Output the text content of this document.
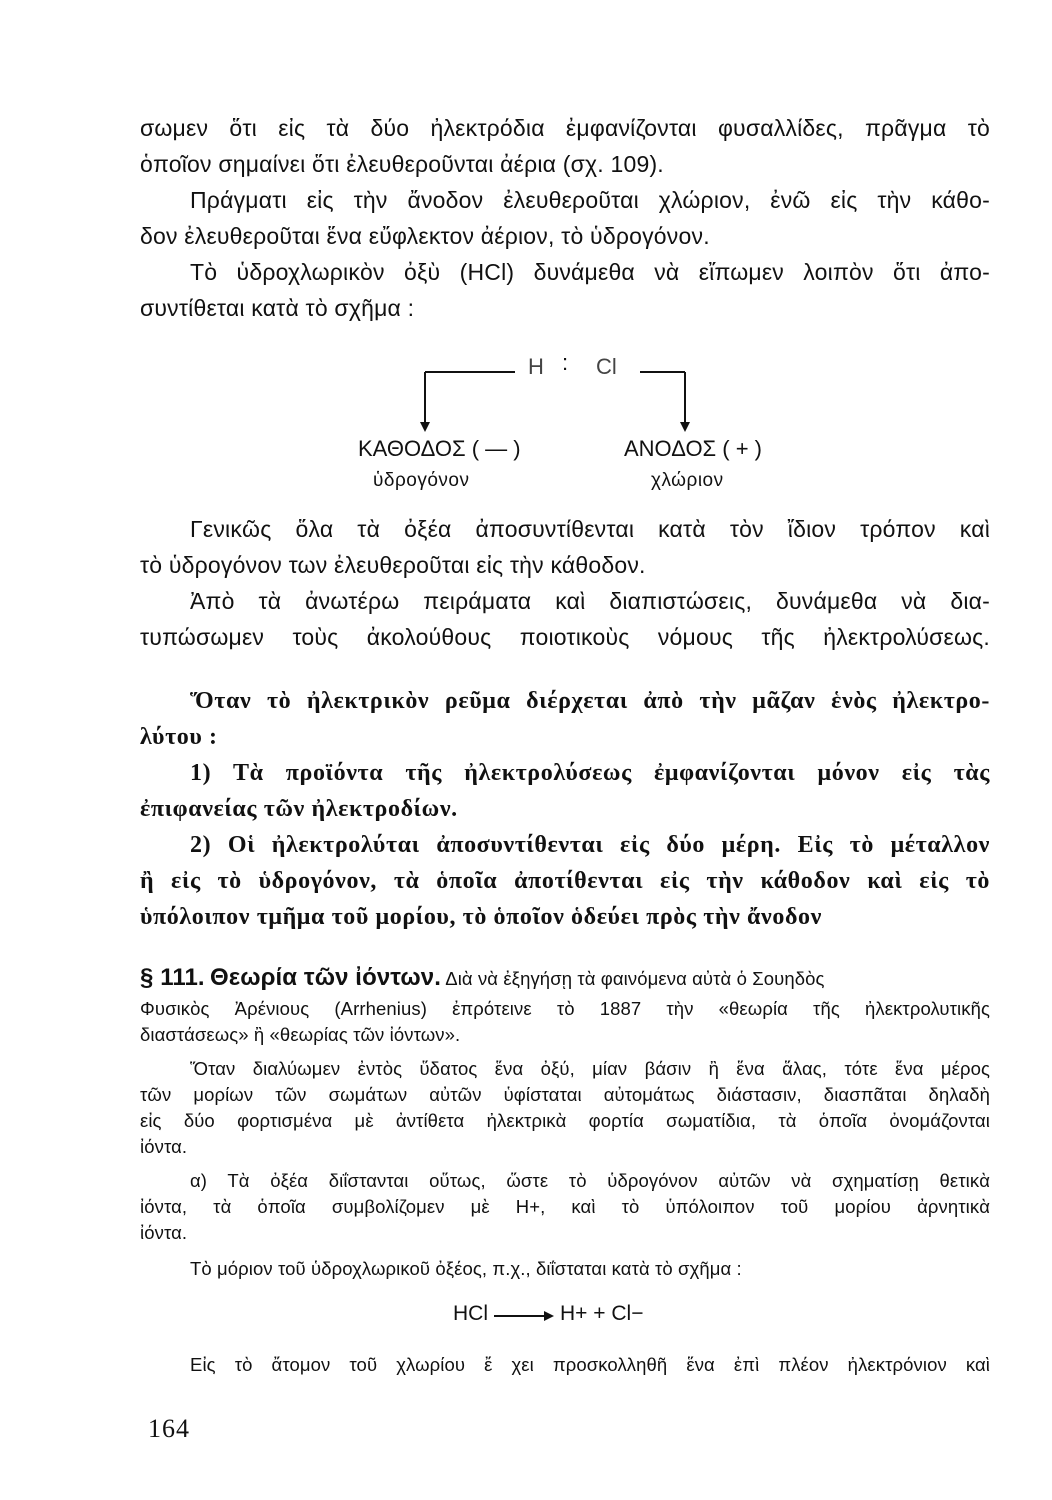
σωμεν ὅτι εἰς τὰ δύο ἠλεκτρόδια ἐμφανίζονται φυσαλλίδες, πρᾶγμα τὸ
ὁποῖον σημαίνει ὅτι ἐλευθεροῦνται ἀέρια (σχ. 109).
Πράγματι εἰς τὴν ἄνοδον ἐλευθεροῦται χλώριον, ἐνῶ εἰς τὴν κάθο-
δον ἐλευθεροῦται ἕνα εὔφλεκτον ἀέριον, τὸ ὑδρογόνον.
Τὸ ὑδροχλωρικὸν ὀξὺ (HCl) δυνάμεθα νὰ εἴπωμεν λοιπὸν ὅτι ἀπο-
συντίθεται κατὰ τὸ σχῆμα :
H : Cl
ΚΑΘΟΔΟΣ ( — )	ΑΝΟΔΟΣ ( + )
ὑδρογόνον	χλώριον
Γενικῶς ὅλα τὰ ὀξέα ἀποσυντίθενται κατὰ τὸν ἴδιον τρόπον καὶ
τὸ ὑδρογόνον των ἐλευθεροῦται εἰς τὴν κάθοδον.
Ἀπὸ τὰ ἀνωτέρω πειράματα καὶ διαπιστώσεις, δυνάμεθα νὰ δια-
τυπώσωμεν τοὺς ἀκολούθους ποιοτικοὺς νόμους τῆς ἠλεκτρολύσεως.
Ὅταν τὸ ἠλεκτρικὸν ρεῦμα διέρχεται ἀπὸ τὴν μᾶζαν ἑνὸς ἠλεκτρο-
λύτου :
1) Τὰ προϊόντα τῆς ἠλεκτρολύσεως ἐμφανίζονται μόνον εἰς τὰς
ἐπιφανείας τῶν ἠλεκτροδίων.
2) Οἱ ἠλεκτρολύται ἀποσυντίθενται εἰς δύο μέρη. Εἰς τὸ μέταλλον
ἢ εἰς τὸ ὑδρογόνον, τὰ ὁποῖα ἀποτίθενται εἰς τὴν κάθοδον καὶ εἰς τὸ
ὑπόλοιπον τμῆμα τοῦ μορίου, τὸ ὁποῖον ὁδεύει πρὸς τὴν ἄνοδον
§ 111. Θεωρία τῶν ἰόντων. Διὰ νὰ ἐξηγήσῃ τὰ φαινόμενα αὐτὰ ὁ Σουηδὸς
Φυσικὸς Ἀρένιους (Arrhenius) ἐπρότεινε τὸ 1887 τὴν «θεωρία τῆς ἠλεκτρολυτικῆς
διαστάσεως» ἢ «θεωρίας τῶν ἰόντων».
Ὅταν διαλύωμεν ἐντὸς ὕδατος ἕνα ὀξύ, μίαν βάσιν ἢ ἕνα ἅλας, τότε ἕνα μέρος
τῶν μορίων τῶν σωμάτων αὐτῶν ὑφίσταται αὐτομάτως διάστασιν, διασπᾶται δηλαδὴ
εἰς δύο φορτισμένα μὲ ἀντίθετα ἠλεκτρικὰ φορτία σωματίδια, τὰ ὁποῖα ὀνομάζονται
ἰόντα.
α) Τὰ ὀξέα διΐστανται οὕτως, ὥστε τὸ ὑδρογόνον αὐτῶν νὰ σχηματίσῃ θετικὰ
ἰόντα, τὰ ὁποῖα συμβολίζομεν μὲ H+, καὶ τὸ ὑπόλοιπον τοῦ μορίου ἀρνητικὰ
ἰόντα.
Τὸ μόριον τοῦ ὑδροχλωρικοῦ ὀξέος, π.χ., διΐσταται κατὰ τὸ σχῆμα :
HCl → H+ + Cl−
Εἰς τὸ ἄτομον τοῦ χλωρίου ἔ χει προσκολληθῆ ἕνα ἐπὶ πλέον ἠλεκτρόνιον καὶ
164
